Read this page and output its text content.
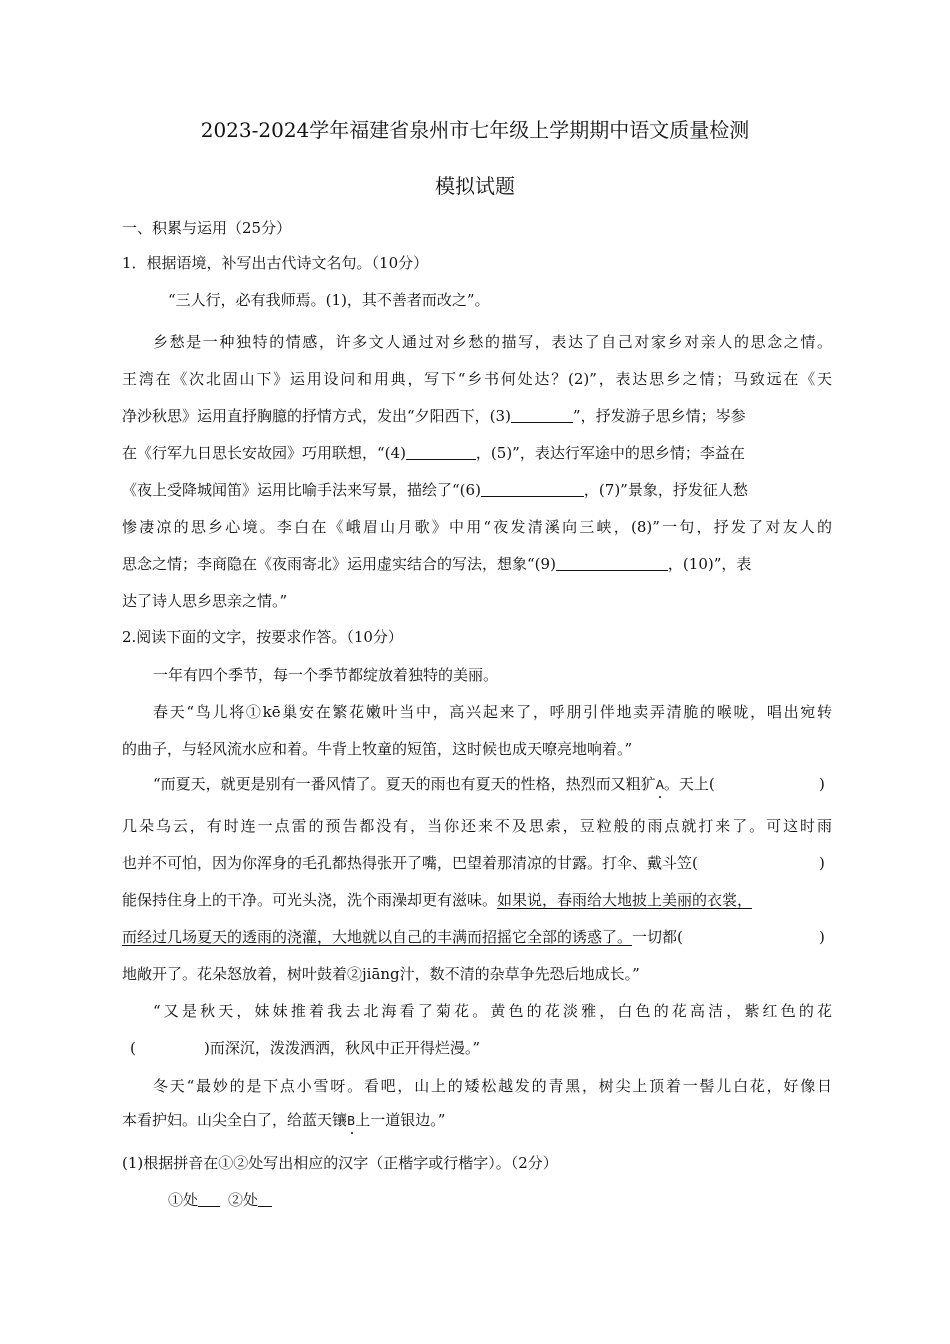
2023-2024学年福建省泉州市七年级上学期期中语文质量检测
模拟试题
一、积累与运用（25分）
1．根据语境，补写出古代诗文名句。（10分）
“三人行，必有我师焉。(1)，其不善者而改之”。
乡愁是一种独特的情感，许多文人通过对乡愁的描写，表达了自己对家乡对亲人的思念之情。
王湾在《次北固山下》运用设问和用典，写下“乡书何处达？(2)”，表达思乡之情；马致远在《天
净沙秋思》运用直抒胸臆的抒情方式，发出“夕阳西下，(3)	”，抒发游子思乡情；岑参
在《行军九日思长安故园》巧用联想，“(4)	，(5)”，表达行军途中的思乡情；李益在
《夜上受降城闻笛》运用比喻手法来写景，描绘了“(6)	，(7)”景象，抒发征人愁
惨凄凉的思乡心境。李白在《峨眉山月歌》中用“夜发清溪向三峡，(8)”一句，抒发了对友人的
思念之情；李商隐在《夜雨寄北》运用虚实结合的写法，想象“(9)	，(10)”，表
达了诗人思乡思亲之情。”
2.阅读下面的文字，按要求作答。（10分）
一年有四个季节，每一个季节都绽放着独特的美丽。
春天“鸟儿将①kē巢安在繁花嫩叶当中，高兴起来了，呼朋引伴地卖弄清脆的喉咙，唱出宛转
的曲子，与轻风流水应和着。牛背上牧童的短笛，这时候也成天嘹亮地响着。”
“而夏天，就更是别有一番风情了。夏天的雨也有夏天的性格，热烈而又粗犷A。天上(	)
几朵乌云，有时连一点雷的预告都没有，当你还来不及思索，豆粒般的雨点就打来了。可这时雨
也并不可怕，因为你浑身的毛孔都热得张开了嘴，巴望着那清凉的甘露。打伞、戴斗笠(	)
能保持住身上的干净。可光头浇，洗个雨澡却更有滋味。如果说，春雨给大地披上美丽的衣裳，
而经过几场夏天的透雨的浇灌，大地就以自己的丰满而招摇它全部的诱惑了。一切都(	)
地敞开了。花朵怒放着，树叶鼓着②jiāng汁，数不清的杂草争先恐后地成长。”
“又是秋天，妹妹推着我去北海看了菊花。黄色的花淡雅，白色的花高洁，紫红色的花
(	)而深沉，泼泼洒洒，秋风中正开得烂漫。”
冬天“最妙的是下点小雪呀。看吧，山上的矮松越发的青黑，树尖上顶着一髻儿白花，好像日
本看护妇。山尖全白了，给蓝天镶B上一道银边。”
(1)根据拼音在①②处写出相应的汉字（正楷字或行楷字）。（2分）
①处 ②处
